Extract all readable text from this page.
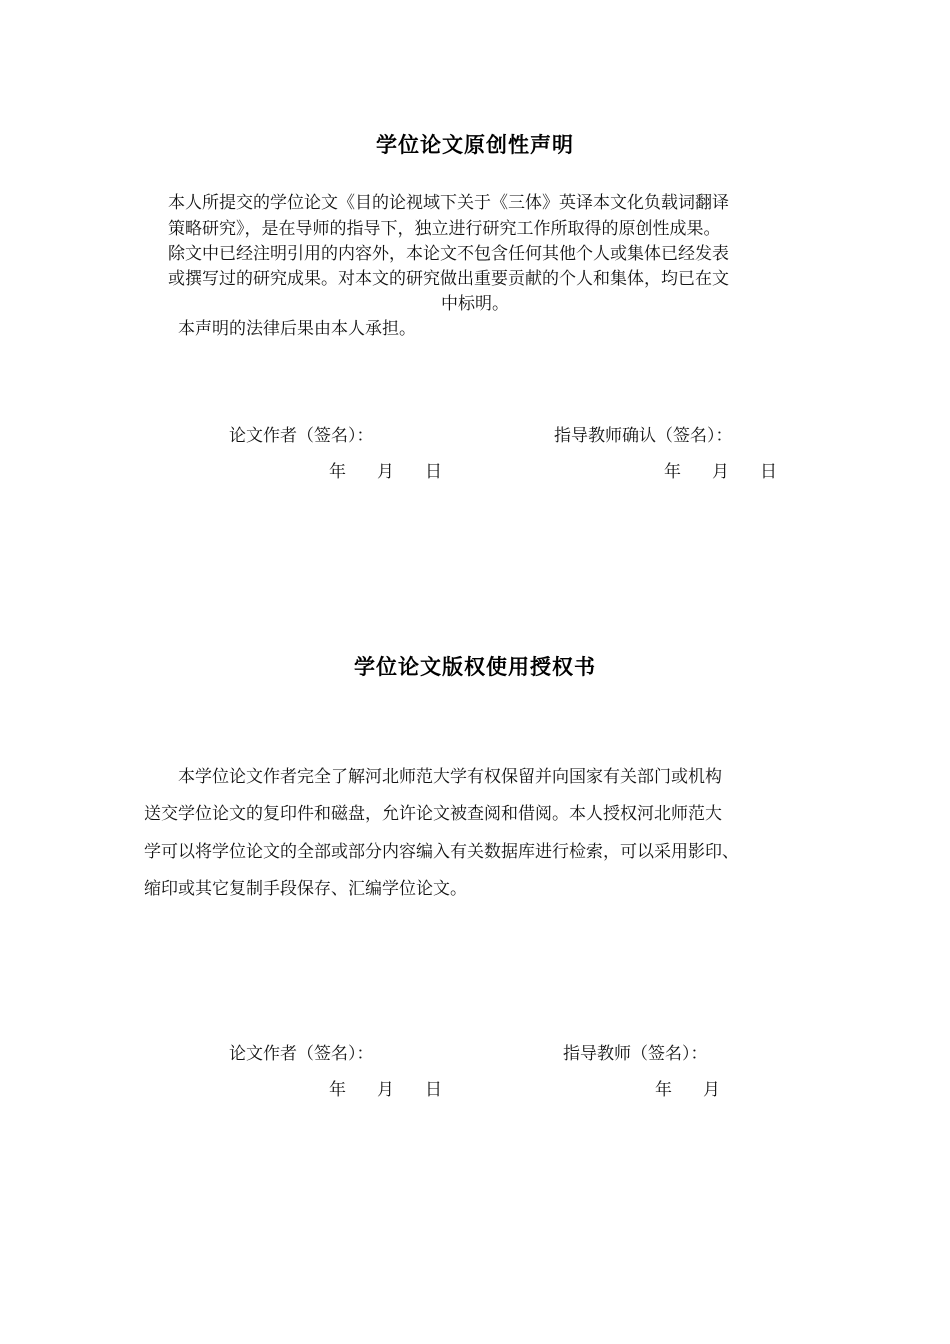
学位论文原创性声明
本人所提交的学位论文《目的论视域下关于《三体》英译本文化负载词翻译
策略研究》，是在导师的指导下，独立进行研究工作所取得的原创性成果。
除文中已经注明引用的内容外，本论文不包含任何其他个人或集体已经发表
或撰写过的研究成果。对本文的研究做出重要贡献的个人和集体，均已在文
中标明。
本声明的法律后果由本人承担。
论文作者（签名）：	指导教师确认（签名）：
年 月 日	年 月 日
学位论文版权使用授权书
本学位论文作者完全了解河北师范大学有权保留并向国家有关部门或机构
送交学位论文的复印件和磁盘，允许论文被查阅和借阅。本人授权河北师范大
学可以将学位论文的全部或部分内容编入有关数据库进行检索，可以采用影印、
缩印或其它复制手段保存、汇编学位论文。
论文作者（签名）：	指导教师（签名）：
年 月 日	年 月
